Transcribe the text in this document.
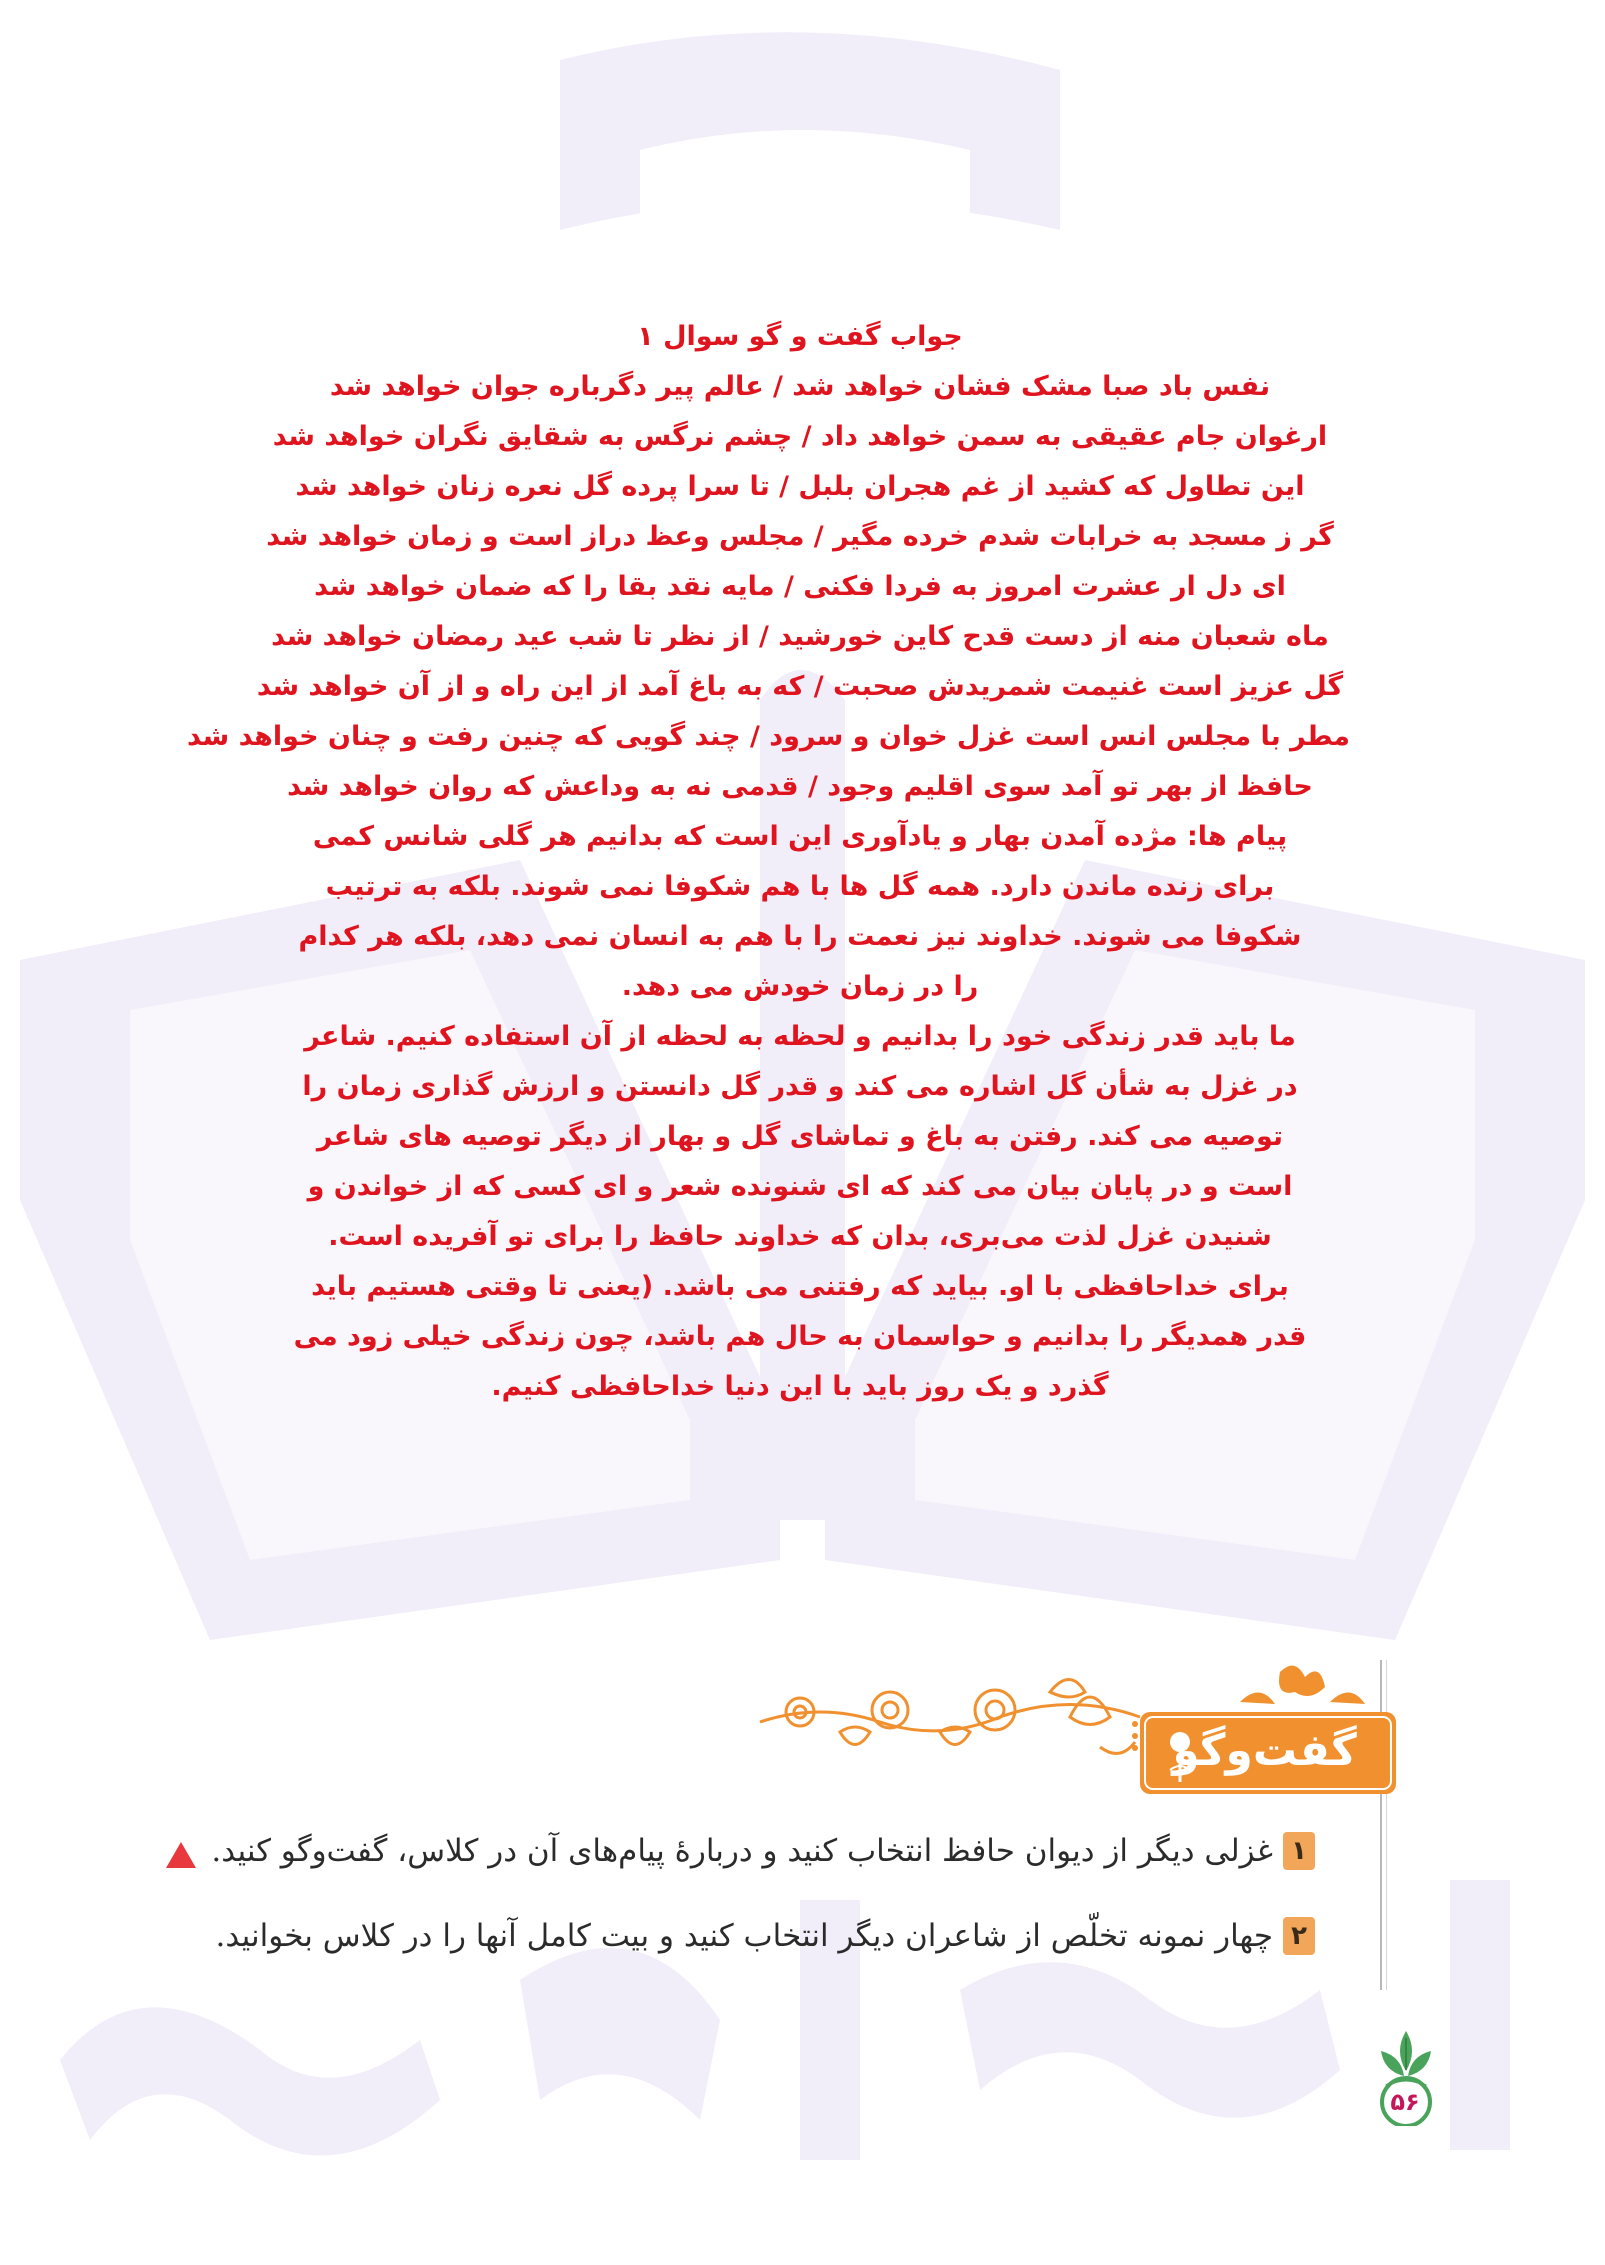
جواب گفت و گو سوال ۱
نفس باد صبا مشک فشان خواهد شد / عالم پیر دگرباره جوان خواهد شد
ارغوان جام عقیقی به سمن خواهد داد / چشم نرگس به شقایق نگران خواهد شد
این تطاول که کشید از غم هجران بلبل / تا سرا پرده گل نعره زنان خواهد شد
گر ز مسجد به خرابات شدم خرده مگیر / مجلس وعظ دراز است و زمان خواهد شد
ای دل ار عشرت امروز به فردا فکنی / مایه نقد بقا را که ضمان خواهد شد
ماه شعبان منه از دست قدح کاین خورشید / از نظر تا شب عید رمضان خواهد شد
گل عزیز است غنیمت شمریدش صحبت / که به باغ آمد از این راه و از آن خواهد شد
مطر با مجلس انس است غزل خوان و سرود / چند گویی که چنین رفت و چنان خواهد شد
حافظ از بهر تو آمد سوی اقلیم وجود / قدمی نه به وداعش که روان خواهد شد
پیام ها: مژده آمدن بهار و یادآوری این است که بدانیم هر گلی شانس کمی برای زنده ماندن دارد. همه گل ها با هم شکوفا نمی شوند. بلکه به ترتیب شکوفا می شوند. خداوند نیز نعمت را با هم به انسان نمی دهد، بلکه هر کدام را در زمان خودش می دهد.
ما باید قدر زندگی خود را بدانیم و لحظه به لحظه از آن استفاده کنیم. شاعر در غزل به شأن گل اشاره می کند و قدر گل دانستن و ارزش گذاری زمان را توصیه می کند. رفتن به باغ و تماشای گل و بهار از دیگر توصیه های شاعر است و در پایان بیان می کند که ای شنونده شعر و ای کسی که از خواندن و شنیدن غزل لذت می‌بری، بدان که خداوند حافظ را برای تو آفریده است.
برای خداحافظی با او. بیاید که رفتنی می باشد. (یعنی تا وقتی هستیم باید قدر همدیگر را بدانیم و حواسمان به حال هم باشد، چون زندگی خیلی زود می گذرد و یک روز باید با این دنیا خداحافظی کنیم.
گفت‌وگو
۱
غزلی دیگر از دیوان حافظ انتخاب کنید و دربارهٔ پیام‌های آن در کلاس، گفت‌وگو کنید.
۲
چهار نمونه تخلّص از شاعران دیگر انتخاب کنید و بیت کامل آنها را در کلاس بخوانید.
۵۶
